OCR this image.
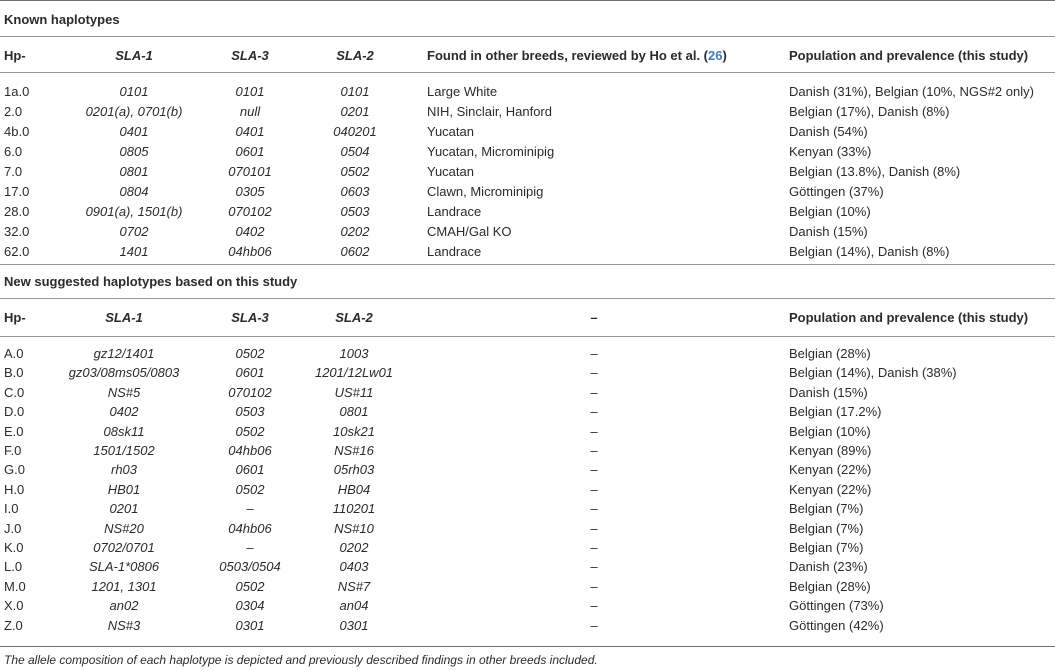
Known haplotypes
Hp-	SLA-1	SLA-3	SLA-2	Found in other breeds, reviewed by Ho et al. (26)	Population and prevalence (this study)
1a.0	0101	0101	0101	Large White	Danish (31%), Belgian (10%, NGS#2 only)
2.0	0201(a), 0701(b)	null	0201	NIH, Sinclair, Hanford	Belgian (17%), Danish (8%)
4b.0	0401	0401	040201	Yucatan	Danish (54%)
6.0	0805	0601	0504	Yucatan, Microminipig	Kenyan (33%)
7.0	0801	070101	0502	Yucatan	Belgian (13.8%), Danish (8%)
17.0	0804	0305	0603	Clawn, Microminipig	Göttingen (37%)
28.0	0901(a), 1501(b)	070102	0503	Landrace	Belgian (10%)
32.0	0702	0402	0202	CMAH/Gal KO	Danish (15%)
62.0	1401	04hb06	0602	Landrace	Belgian (14%), Danish (8%)
New suggested haplotypes based on this study
Hp-	SLA-1	SLA-3	SLA-2	–	Population and prevalence (this study)
A.0	gz12/1401	0502	1003	–	Belgian (28%)
B.0	gz03/08ms05/0803	0601	1201/12Lw01	–	Belgian (14%), Danish (38%)
C.0	NS#5	070102	US#11	–	Danish (15%)
D.0	0402	0503	0801	–	Belgian (17.2%)
E.0	08sk11	0502	10sk21	–	Belgian (10%)
F.0	1501/1502	04hb06	NS#16	–	Kenyan (89%)
G.0	rh03	0601	05rh03	–	Kenyan (22%)
H.0	HB01	0502	HB04	–	Kenyan (22%)
I.0	0201	–	110201	–	Belgian (7%)
J.0	NS#20	04hb06	NS#10	–	Belgian (7%)
K.0	0702/0701	–	0202	–	Belgian (7%)
L.0	SLA-1*0806	0503/0504	0403	–	Danish (23%)
M.0	1201, 1301	0502	NS#7	–	Belgian (28%)
X.0	an02	0304	an04	–	Göttingen (73%)
Z.0	NS#3	0301	0301	–	Göttingen (42%)
The allele composition of each haplotype is depicted and previously described findings in other breeds included.
